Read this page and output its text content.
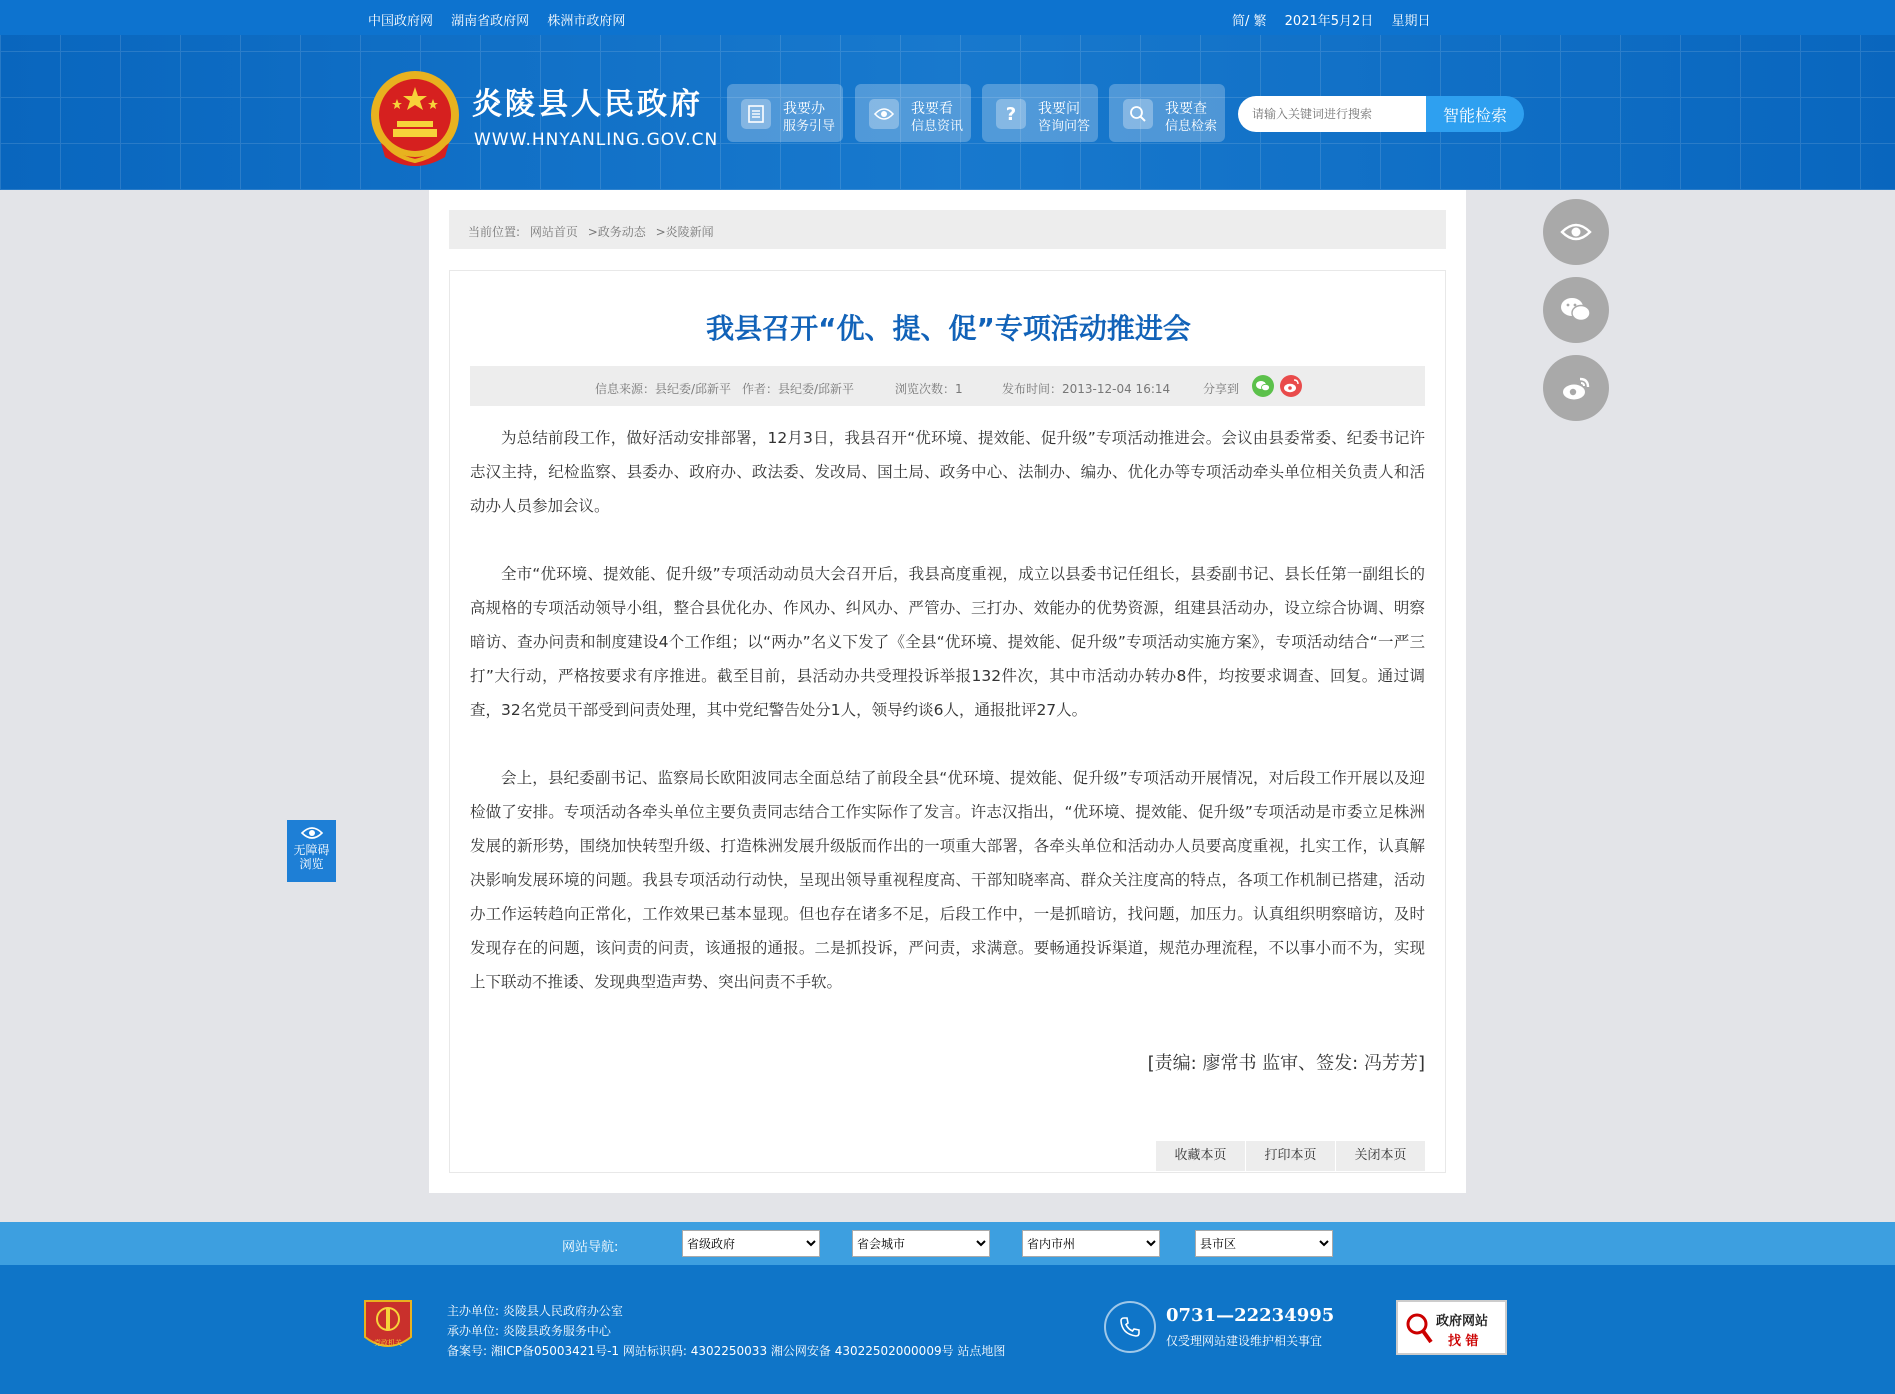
中国政府网 湖南省政府网 株洲市政府网	简/ 繁 2021年5月2日 星期日
炎陵县人民政府
WWW.HNYANLING.GOV.CN
我要办
服务引导
我要看
信息资讯
? 我要问
咨询问答
我要查
信息检索
请输入关键词进行搜索
智能检索
当前位置: 网站首页 >政务动态 >炎陵新闻
我县召开“优、提、促”专项活动推进会
信息来源：县纪委/邱新平 作者：县纪委/邱新平	浏览次数：1	发布时间：2013-12-04 16:14	分享到

为总结前段工作，做好活动安排部署，12月3日，我县召开“优环境、提效能、促升级”专项活动推进会。会议由县委常委、纪委书记许志汉主持，纪检监察、县委办、政府办、政法委、发改局、国土局、政务中心、法制办、编办、优化办等专项活动牵头单位相关负责人和活动办人员参加会议。

全市“优环境、提效能、促升级”专项活动动员大会召开后，我县高度重视，成立以县委书记任组长，县委副书记、县长任第一副组长的高规格的专项活动领导小组，整合县优化办、作风办、纠风办、严管办、三打办、效能办的优势资源，组建县活动办，设立综合协调、明察暗访、查办问责和制度建设4个工作组；以“两办”名义下发了《全县“优环境、提效能、促升级”专项活动实施方案》，专项活动结合“一严三打”大行动，严格按要求有序推进。截至目前，县活动办共受理投诉举报132件次，其中市活动办转办8件，均按要求调查、回复。通过调查，32名党员干部受到问责处理，其中党纪警告处分1人，领导约谈6人，通报批评27人。

会上，县纪委副书记、监察局长欧阳波同志全面总结了前段全县“优环境、提效能、促升级”专项活动开展情况，对后段工作开展以及迎检做了安排。专项活动各牵头单位主要负责同志结合工作实际作了发言。许志汉指出，“优环境、提效能、促升级”专项活动是市委立足株洲发展的新形势，围绕加快转型升级、打造株洲发展升级版而作出的一项重大部署，各牵头单位和活动办人员要高度重视，扎实工作，认真解决影响发展环境的问题。我县专项活动行动快，呈现出领导重视程度高、干部知晓率高、群众关注度高的特点，各项工作机制已搭建，活动办工作运转趋向正常化，工作效果已基本显现。但也存在诸多不足，后段工作中，一是抓暗访，找问题，加压力。认真组织明察暗访，及时发现存在的问题，该问责的问责，该通报的通报。二是抓投诉，严问责，求满意。要畅通投诉渠道，规范办理流程，不以事小而不为，实现上下联动不推诿、发现典型造声势、突出问责不手软。

[责编: 廖常书 监审、签发: 冯芳芳]
收藏本页	打印本页	关闭本页
无障碍
浏览
网站导航:
省级政府
省会城市
省内市州
县市区
党政机关
主办单位: 炎陵县人民政府办公室
承办单位: 炎陵县政务服务中心
备案号: 湘ICP备05003421号-1 网站标识码: 4302250033 湘公网安备 43022502000009号 站点地图
0731—22234995
仅受理网站建设维护相关事宜
政府网站
找 错
